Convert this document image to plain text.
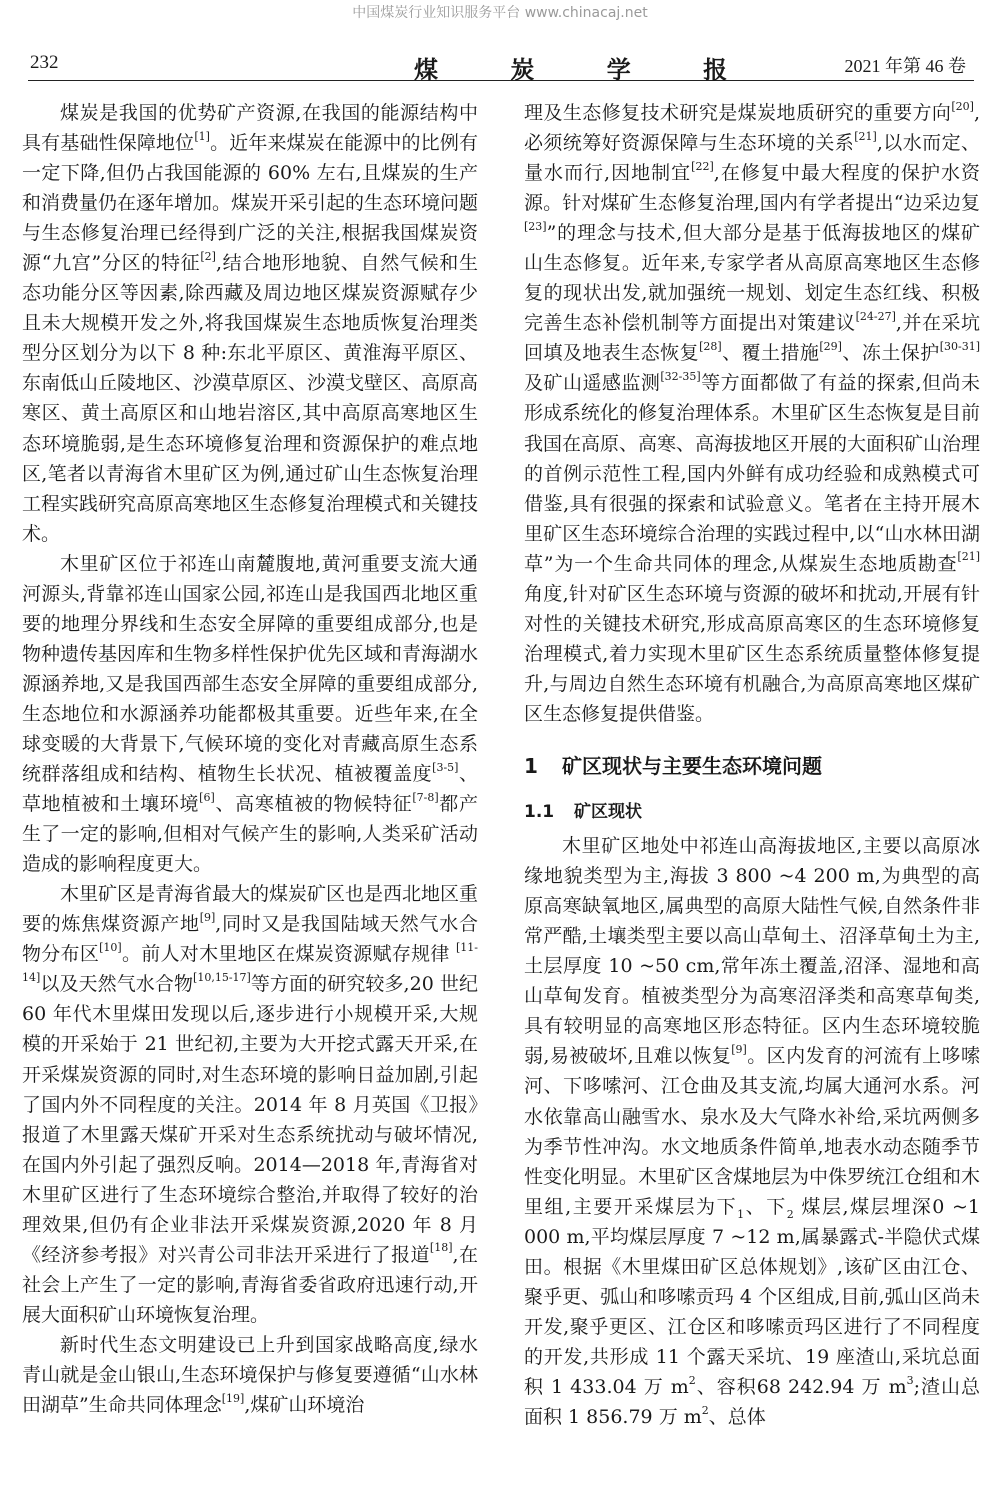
中国煤炭行业知识服务平台 www.chinacaj.net
232	煤 炭 学 报	2021 年第 46 卷

煤炭是我国的优势矿产资源,在我国的能源结构中具有基础性保障地位[1]。近年来煤炭在能源中的比例有一定下降,但仍占我国能源的 60% 左右,且煤炭的生产和消费量仍在逐年增加。煤炭开采引起的生态环境问题与生态修复治理已经得到广泛的关注,根据我国煤炭资源“九宫”分区的特征[2],结合地形地貌、自然气候和生态功能分区等因素,除西藏及周边地区煤炭资源赋存少且未大规模开发之外,将我国煤炭生态地质恢复治理类型分区划分为以下 8 种:东北平原区、黄淮海平原区、东南低山丘陵地区、沙漠草原区、沙漠戈壁区、高原高寒区、黄土高原区和山地岩溶区,其中高原高寒地区生态环境脆弱,是生态环境修复治理和资源保护的难点地区,笔者以青海省木里矿区为例,通过矿山生态恢复治理工程实践研究高原高寒地区生态修复治理模式和关键技术。

木里矿区位于祁连山南麓腹地,黄河重要支流大通河源头,背靠祁连山国家公园,祁连山是我国西北地区重要的地理分界线和生态安全屏障的重要组成部分,也是物种遗传基因库和生物多样性保护优先区域和青海湖水源涵养地,又是我国西部生态安全屏障的重要组成部分,生态地位和水源涵养功能都极其重要。近些年来,在全球变暖的大背景下,气候环境的变化对青藏高原生态系统群落组成和结构、植物生长状况、植被覆盖度[3-5]、草地植被和土壤环境[6]、高寒植被的物候特征[7-8]都产生了一定的影响,但相对气候产生的影响,人类采矿活动造成的影响程度更大。

木里矿区是青海省最大的煤炭矿区也是西北地区重要的炼焦煤资源产地[9],同时又是我国陆域天然气水合物分布区[10]。前人对木里地区在煤炭资源赋存规律 [11-14]以及天然气水合物[10,15-17]等方面的研究较多,20 世纪 60 年代木里煤田发现以后,逐步进行小规模开采,大规模的开采始于 21 世纪初,主要为大开挖式露天开采,在开采煤炭资源的同时,对生态环境的影响日益加剧,引起了国内外不同程度的关注。2014 年 8 月英国《卫报》报道了木里露天煤矿开采对生态系统扰动与破坏情况,在国内外引起了强烈反响。2014—2018 年,青海省对木里矿区进行了生态环境综合整治,并取得了较好的治理效果,但仍有企业非法开采煤炭资源,2020 年 8 月《经济参考报》对兴青公司非法开采进行了报道[18],在社会上产生了一定的影响,青海省委省政府迅速行动,开展大面积矿山环境恢复治理。

新时代生态文明建设已上升到国家战略高度,绿水青山就是金山银山,生态环境保护与修复要遵循“山水林田湖草”生命共同体理念[19],煤矿山环境治

理及生态修复技术研究是煤炭地质研究的重要方向[20],必须统筹好资源保障与生态环境的关系[21],以水而定、量水而行,因地制宜[22],在修复中最大程度的保护水资源。针对煤矿生态修复治理,国内有学者提出“边采边复[23]”的理念与技术,但大部分是基于低海拔地区的煤矿山生态修复。近年来,专家学者从高原高寒地区生态修复的现状出发,就加强统一规划、划定生态红线、积极完善生态补偿机制等方面提出对策建议[24-27],并在采坑回填及地表生态恢复[28]、覆土措施[29]、冻土保护[30-31]及矿山遥感监测[32-35]等方面都做了有益的探索,但尚未形成系统化的修复治理体系。木里矿区生态恢复是目前我国在高原、高寒、高海拔地区开展的大面积矿山治理的首例示范性工程,国内外鲜有成功经验和成熟模式可借鉴,具有很强的探索和试验意义。笔者在主持开展木里矿区生态环境综合治理的实践过程中,以“山水林田湖草”为一个生命共同体的理念,从煤炭生态地质勘查[21]角度,针对矿区生态环境与资源的破坏和扰动,开展有针对性的关键技术研究,形成高原高寒区的生态环境修复治理模式,着力实现木里矿区生态系统质量整体修复提升,与周边自然生态环境有机融合,为高原高寒地区煤矿区生态修复提供借鉴。

1 矿区现状与主要生态环境问题
1.1 矿区现状

木里矿区地处中祁连山高海拔地区,主要以高原冰缘地貌类型为主,海拔 3 800 ~4 200 m,为典型的高原高寒缺氧地区,属典型的高原大陆性气候,自然条件非常严酷,土壤类型主要以高山草甸土、沼泽草甸土为主,土层厚度 10 ~50 cm,常年冻土覆盖,沼泽、湿地和高山草甸发育。植被类型分为高寒沼泽类和高寒草甸类,具有较明显的高寒地区形态特征。区内生态环境较脆弱,易被破坏,且难以恢复[9]。区内发育的河流有上哆嗦河、下哆嗦河、江仓曲及其支流,均属大通河水系。河水依靠高山融雪水、泉水及大气降水补给,采坑两侧多为季节性冲沟。水文地质条件简单,地表水动态随季节性变化明显。木里矿区含煤地层为中侏罗统江仓组和木里组,主要开采煤层为下$_1$、下$_2$ 煤层,煤层埋深0 ~1 000 m,平均煤层厚度 7 ~12 m,属暴露式-半隐伏式煤田。根据《木里煤田矿区总体规划》,该矿区由江仓、聚乎更、弧山和哆嗦贡玛 4 个区组成,目前,弧山区尚未开发,聚乎更区、江仓区和哆嗦贡玛区进行了不同程度的开发,共形成 11 个露天采坑、19 座渣山,采坑总面积 1 433.04 万 $m^2$、容积68 242.94 万 $m^3$;渣山总面积 1 856.79 万 $m^2$、总体
